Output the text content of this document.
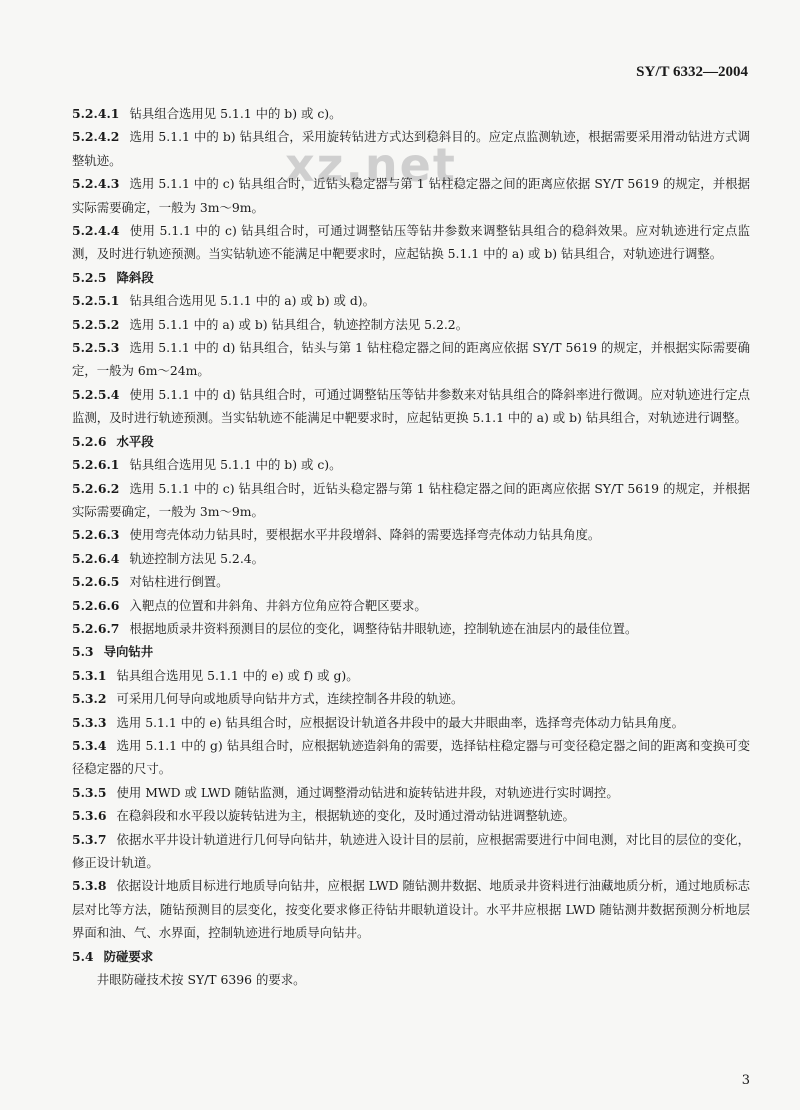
SY/T 6332—2004
xz.net

5.2.4.1 钻具组合选用见 5.1.1 中的 b) 或 c)。

5.2.4.2 选用 5.1.1 中的 b) 钻具组合，采用旋转钻进方式达到稳斜目的。应定点监测轨迹，根据需要采用滑动钻进方式调整轨迹。

5.2.4.3 选用 5.1.1 中的 c) 钻具组合时，近钻头稳定器与第 1 钻柱稳定器之间的距离应依据 SY/T 5619 的规定，并根据实际需要确定，一般为 3m～9m。

5.2.4.4 使用 5.1.1 中的 c) 钻具组合时，可通过调整钻压等钻井参数来调整钻具组合的稳斜效果。应对轨迹进行定点监测，及时进行轨迹预测。当实钻轨迹不能满足中靶要求时，应起钻换 5.1.1 中的 a) 或 b) 钻具组合，对轨迹进行调整。

5.2.5 降斜段

5.2.5.1 钻具组合选用见 5.1.1 中的 a) 或 b) 或 d)。

5.2.5.2 选用 5.1.1 中的 a) 或 b) 钻具组合，轨迹控制方法见 5.2.2。

5.2.5.3 选用 5.1.1 中的 d) 钻具组合，钻头与第 1 钻柱稳定器之间的距离应依据 SY/T 5619 的规定，并根据实际需要确定，一般为 6m～24m。

5.2.5.4 使用 5.1.1 中的 d) 钻具组合时，可通过调整钻压等钻井参数来对钻具组合的降斜率进行微调。应对轨迹进行定点监测，及时进行轨迹预测。当实钻轨迹不能满足中靶要求时，应起钻更换 5.1.1 中的 a) 或 b) 钻具组合，对轨迹进行调整。

5.2.6 水平段

5.2.6.1 钻具组合选用见 5.1.1 中的 b) 或 c)。

5.2.6.2 选用 5.1.1 中的 c) 钻具组合时，近钻头稳定器与第 1 钻柱稳定器之间的距离应依据 SY/T 5619 的规定，并根据实际需要确定，一般为 3m～9m。

5.2.6.3 使用弯壳体动力钻具时，要根据水平井段增斜、降斜的需要选择弯壳体动力钻具角度。

5.2.6.4 轨迹控制方法见 5.2.4。

5.2.6.5 对钻柱进行倒置。

5.2.6.6 入靶点的位置和井斜角、井斜方位角应符合靶区要求。

5.2.6.7 根据地质录井资料预测目的层位的变化，调整待钻井眼轨迹，控制轨迹在油层内的最佳位置。

5.3 导向钻井

5.3.1 钻具组合选用见 5.1.1 中的 e) 或 f) 或 g)。

5.3.2 可采用几何导向或地质导向钻井方式，连续控制各井段的轨迹。

5.3.3 选用 5.1.1 中的 e) 钻具组合时，应根据设计轨道各井段中的最大井眼曲率，选择弯壳体动力钻具角度。

5.3.4 选用 5.1.1 中的 g) 钻具组合时，应根据轨迹造斜角的需要，选择钻柱稳定器与可变径稳定器之间的距离和变换可变径稳定器的尺寸。

5.3.5 使用 MWD 或 LWD 随钻监测，通过调整滑动钻进和旋转钻进井段，对轨迹进行实时调控。

5.3.6 在稳斜段和水平段以旋转钻进为主，根据轨迹的变化，及时通过滑动钻进调整轨迹。

5.3.7 依据水平井设计轨道进行几何导向钻井，轨迹进入设计目的层前，应根据需要进行中间电测，对比目的层位的变化，修正设计轨道。

5.3.8 依据设计地质目标进行地质导向钻井，应根据 LWD 随钻测井数据、地质录井资料进行油藏地质分析，通过地质标志层对比等方法，随钻预测目的层变化，按变化要求修正待钻井眼轨道设计。水平井应根据 LWD 随钻测井数据预测分析地层界面和油、气、水界面，控制轨迹进行地质导向钻井。

5.4 防碰要求

井眼防碰技术按 SY/T 6396 的要求。

3
